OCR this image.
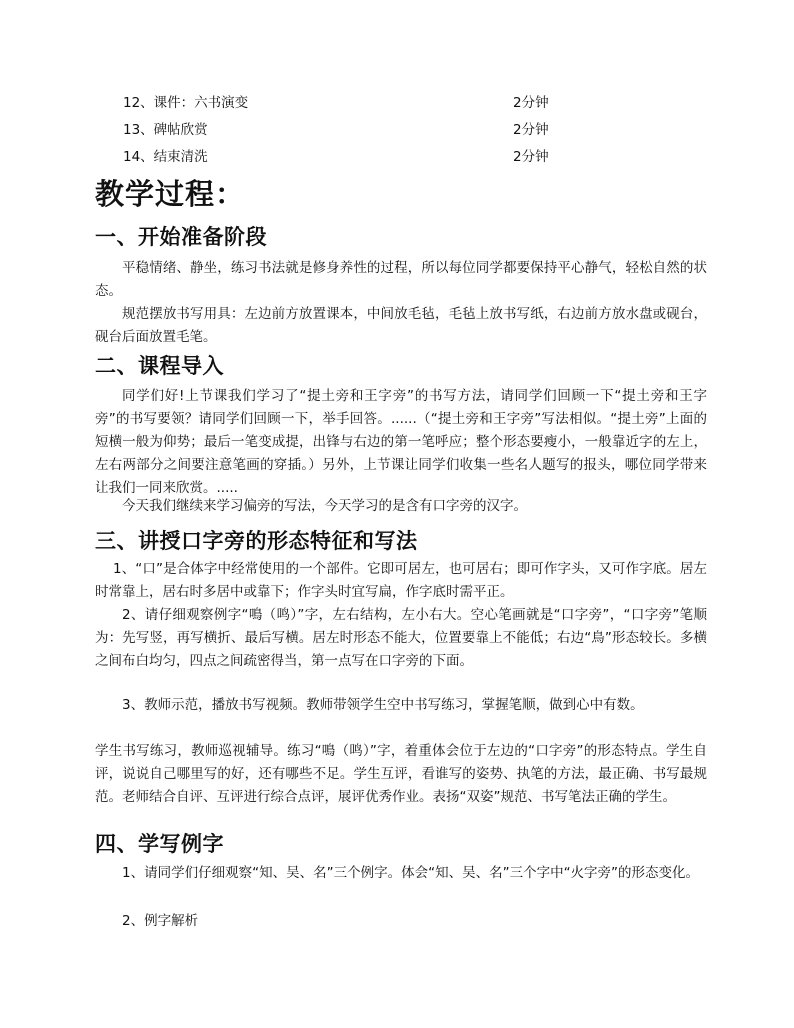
12、课件：六书演变	2分钟
13、碑帖欣赏	2分钟
14、结束清洗	2分钟
教学过程：
一、开始准备阶段
平稳情绪、静坐，练习书法就是修身养性的过程，所以每位同学都要保持平心静气，轻松自然的状态。
规范摆放书写用具：左边前方放置课本，中间放毛毡，毛毡上放书写纸，右边前方放水盘或砚台，砚台后面放置毛笔。
二、课程导入
同学们好!上节课我们学习了“提土旁和王字旁”的书写方法，请同学们回顾一下“提土旁和王字旁”的书写要领？请同学们回顾一下，举手回答。......（“提土旁和王字旁”写法相似。“提土旁”上面的短横一般为仰势；最后一笔变成提，出锋与右边的第一笔呼应；整个形态要瘦小，一般靠近字的左上，左右两部分之间要注意笔画的穿插。）另外，上节课让同学们收集一些名人题写的报头，哪位同学带来让我们一同来欣赏。.....
今天我们继续来学习偏旁的写法，今天学习的是含有口字旁的汉字。
三、讲授口字旁的形态特征和写法
1、“口”是合体字中经常使用的一个部件。它即可居左，也可居右；即可作字头，又可作字底。居左时常靠上，居右时多居中或靠下；作字头时宜写扁，作字底时需平正。
2、请仔细观察例字“鳴（鸣）”字，左右结构，左小右大。空心笔画就是“口字旁”，“口字旁”笔顺为：先写竖，再写横折、最后写横。居左时形态不能大，位置要靠上不能低；右边“鳥”形态较长。多横之间布白均匀，四点之间疏密得当，第一点写在口字旁的下面。
3、教师示范，播放书写视频。教师带领学生空中书写练习，掌握笔顺，做到心中有数。
学生书写练习，教师巡视辅导。练习“鳴（鸣）”字，着重体会位于左边的“口字旁”的形态特点。学生自评，说说自己哪里写的好，还有哪些不足。学生互评，看谁写的姿势、执笔的方法，最正确、书写最规范。老师结合自评、互评进行综合点评，展评优秀作业。表扬“双姿”规范、书写笔法正确的学生。
四、学写例字
1、请同学们仔细观察“知、吴、名”三个例字。体会“知、吴、名”三个字中“火字旁”的形态变化。
2、例字解析
